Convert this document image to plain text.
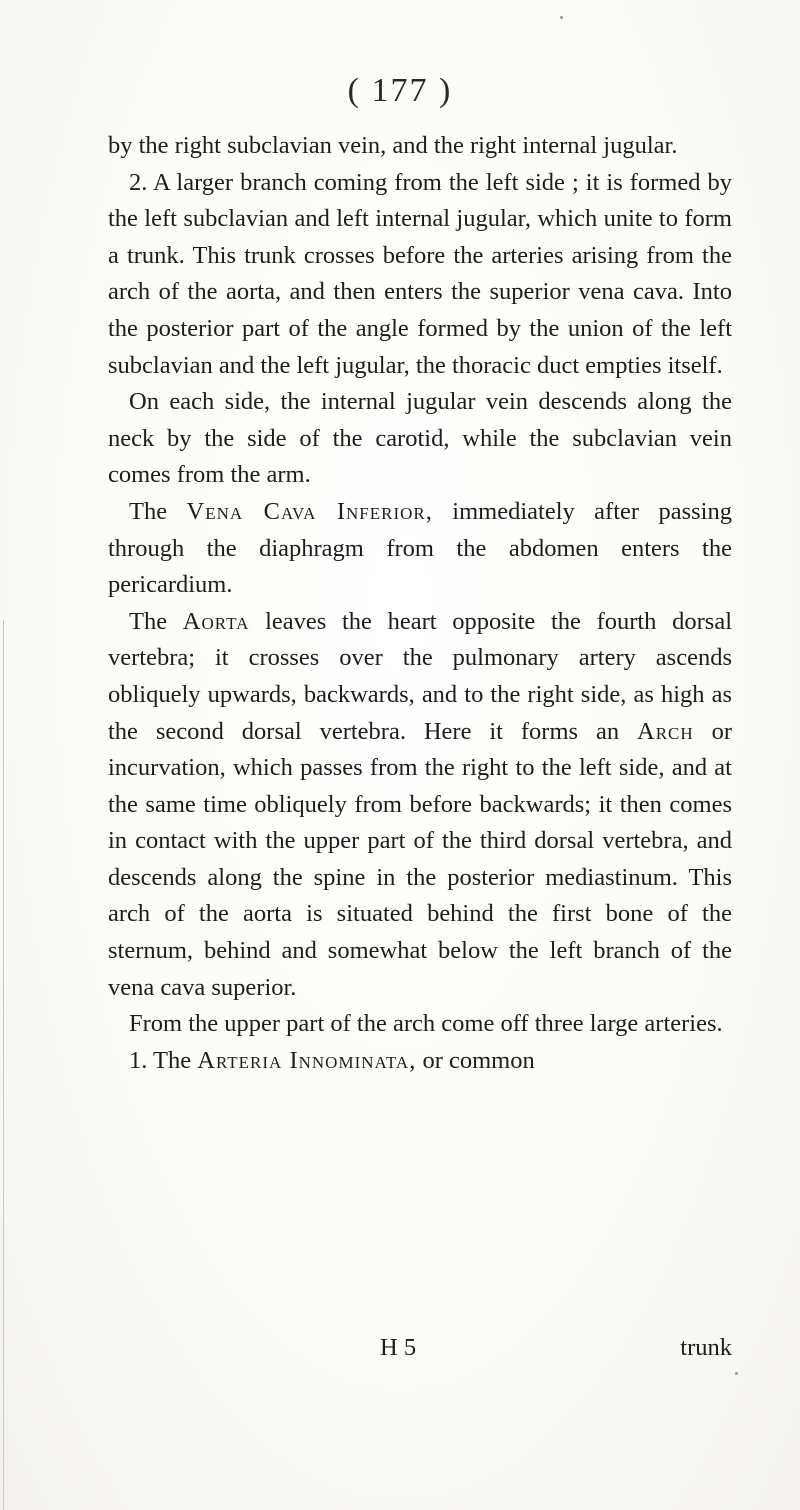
( 177 )

by the right subclavian vein, and the right internal jugular.

2. A larger branch coming from the left side ; it is formed by the left subclavian and left internal jugular, which unite to form a trunk. This trunk crosses before the arteries arising from the arch of the aorta, and then enters the superior vena cava. Into the posterior part of the angle formed by the union of the left subclavian and the left jugular, the thoracic duct empties itself.

On each side, the internal jugular vein descends along the neck by the side of the carotid, while the subclavian vein comes from the arm.

The Vena Cava Inferior, immediately after passing through the diaphragm from the abdomen enters the pericardium.

The Aorta leaves the heart opposite the fourth dorsal vertebra; it crosses over the pulmonary artery ascends obliquely upwards, backwards, and to the right side, as high as the second dorsal vertebra. Here it forms an Arch or incurvation, which passes from the right to the left side, and at the same time obliquely from before backwards; it then comes in contact with the upper part of the third dorsal vertebra, and descends along the spine in the posterior mediastinum. This arch of the aorta is situated behind the first bone of the sternum, behind and somewhat below the left branch of the vena cava superior.

From the upper part of the arch come off three large arteries.

1. The Arteria Innominata, or common

H 5	trunk
